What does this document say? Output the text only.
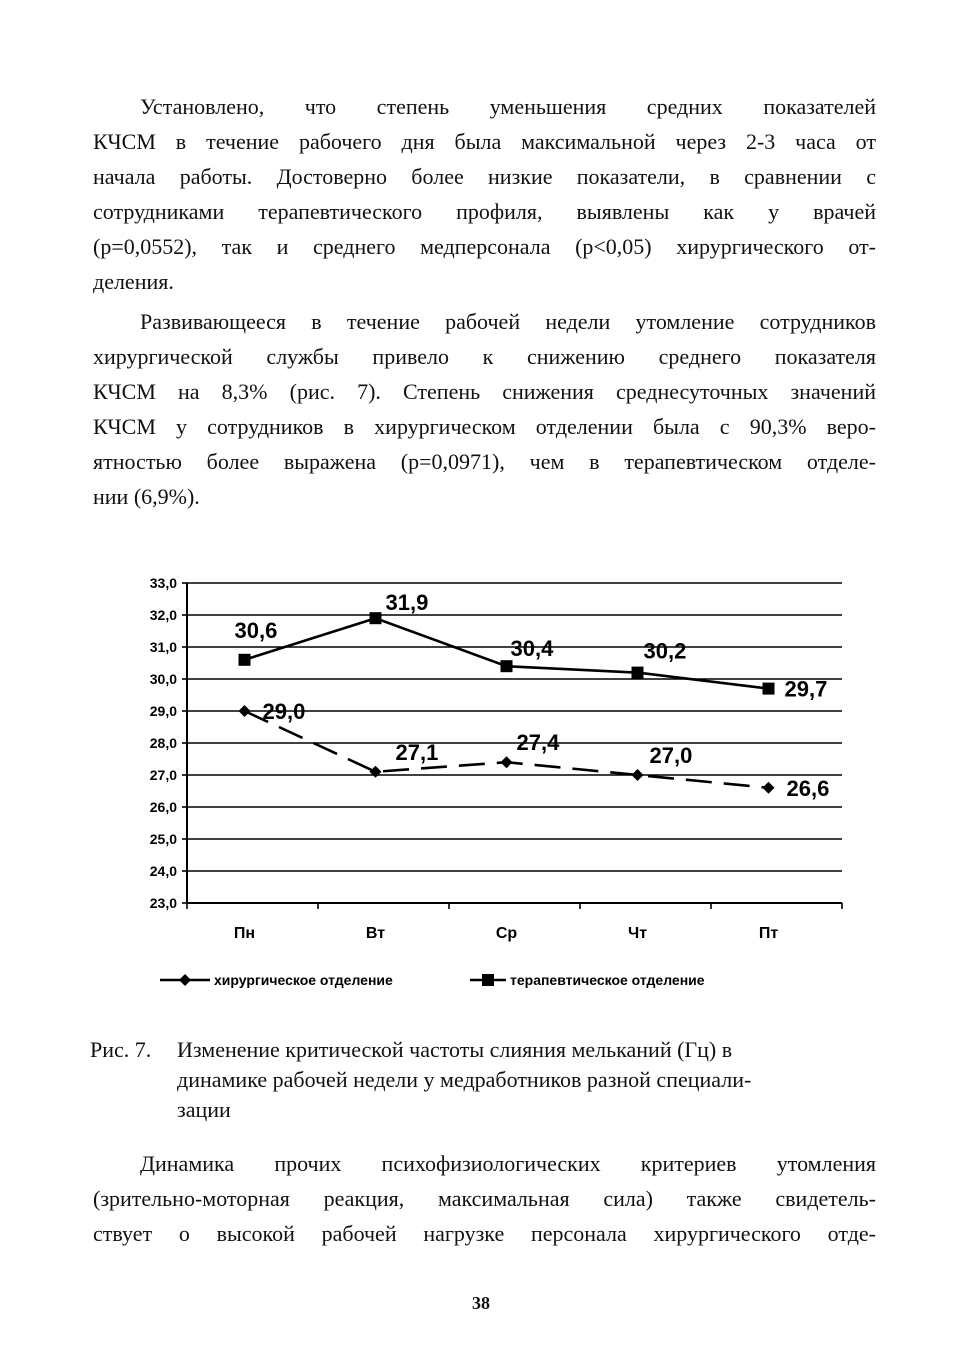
Установлено, что степень уменьшения средних показателей
КЧСМ в течение рабочего дня была максимальной через 2-3 часа от
начала работы. Достоверно более низкие показатели, в сравнении с
сотрудниками терапевтического профиля, выявлены как у врачей
(р=0,0552), так и среднего медперсонала (р<0,05) хирургического от-
деления.
Развивающееся в течение рабочей недели утомление сотрудников
хирургической службы привело к снижению среднего показателя
КЧСМ на 8,3% (рис. 7). Степень снижения среднесуточных значений
КЧСМ у сотрудников в хирургическом отделении была с 90,3% веро-
ятностью более выражена (р=0,0971), чем в терапевтическом отделе-
нии (6,9%).
23,0
24,0
25,0
26,0
27,0
28,0
29,0
30,0
31,0
32,0
33,0
Пн	Вт	Ср	Чт	Пт
29,0
27,1	27,4
27,0
26,6
30,6
31,9
30,4	30,2
29,7
хирургическое отделение	терапевтическое отделение
Рис. 7. Изменение критической частоты слияния мельканий (Гц) в
динамике рабочей недели у медработников разной специали-
зации
Динамика прочих психофизиологических критериев утомления
(зрительно-моторная реакция, максимальная сила) также свидетель-
ствует о высокой рабочей нагрузке персонала хирургического отде-
38
